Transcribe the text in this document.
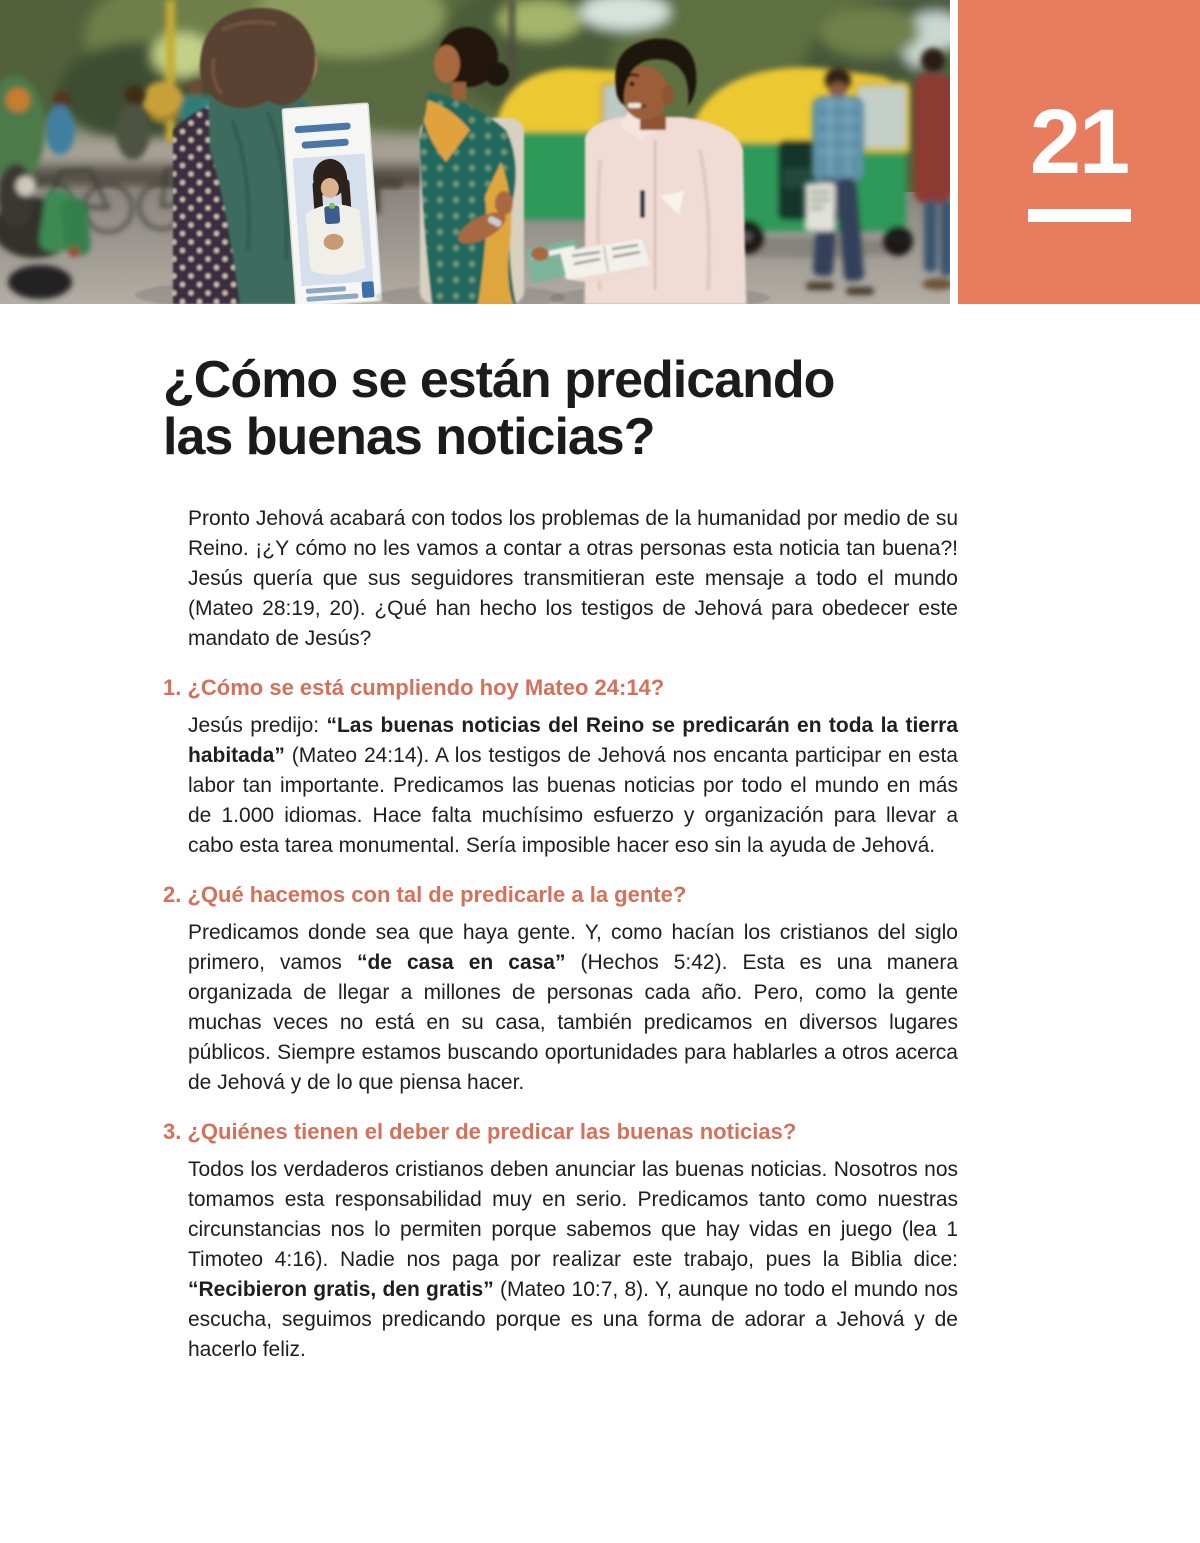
21
¿Cómo se están predicando
las buenas noticias?

Pronto Jehová acabará con todos los problemas de la humanidad por medio de su Reino. ¡¿Y cómo no les vamos a contar a otras personas esta noticia tan buena?! Jesús quería que sus seguidores transmitieran este mensaje a todo el mundo (Mateo 28:19, 20). ¿Qué han hecho los testigos de Jehová para obedecer este mandato de Jesús?

1. ¿Cómo se está cumpliendo hoy Mateo 24:14?

Jesús predijo: “Las buenas noticias del Reino se predicarán en toda la tierra habitada” (Mateo 24:14). A los testigos de Jehová nos encanta participar en esta labor tan importante. Predicamos las buenas noticias por todo el mundo en más de 1.000 idiomas. Hace falta muchísimo esfuerzo y organización para llevar a cabo esta tarea monumental. Sería imposible hacer eso sin la ayuda de Jehová.

2. ¿Qué hacemos con tal de predicarle a la gente?

Predicamos donde sea que haya gente. Y, como hacían los cristianos del siglo primero, vamos “de casa en casa” (Hechos 5:42). Esta es una manera organizada de llegar a millones de personas cada año. Pero, como la gente muchas veces no está en su casa, también predicamos en diversos lugares públicos. Siempre estamos buscando oportunidades para hablarles a otros acerca de Jehová y de lo que piensa hacer.

3. ¿Quiénes tienen el deber de predicar las buenas noticias?

Todos los verdaderos cristianos deben anunciar las buenas noticias. Nosotros nos tomamos esta responsabilidad muy en serio. Predicamos tanto como nuestras circunstancias nos lo permiten porque sabemos que hay vidas en juego (lea 1 Timoteo 4:16). Nadie nos paga por realizar este trabajo, pues la Biblia dice: “Recibieron gratis, den gratis” (Mateo 10:7, 8). Y, aunque no todo el mundo nos escucha, seguimos predicando porque es una forma de adorar a Jehová y de hacerlo feliz.
